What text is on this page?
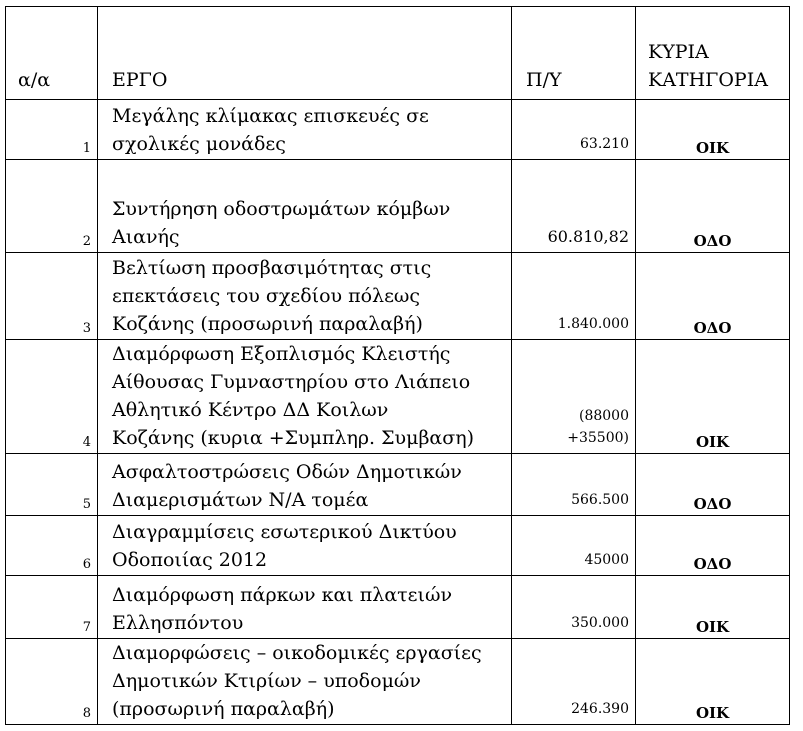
α/α	ΕΡΓΟ	Π/Υ	ΚΥΡΙΑ
ΚΑΤΗΓΟΡΙΑ
1	Μεγάλης κλίμακας επισκευές σε
σχολικές μονάδες	63.210	ΟΙΚ
2	Συντήρηση οδοστρωμάτων κόμβων
Αιανής	60.810,82	ΟΔΟ
3	Βελτίωση προσβασιμότητας στις
επεκτάσεις του σχεδίου πόλεως
Κοζάνης (προσωρινή παραλαβή)	1.840.000	ΟΔΟ
4	Διαμόρφωση Εξοπλισμός Κλειστής
Αίθουσας Γυμναστηρίου στο Λιάπειο
Αθλητικό Κέντρο ΔΔ Κοιλων
Κοζάνης (κυρια +Συμπληρ. Συμβαση)	(88000
+35500)	ΟΙΚ
5	Ασφαλτοστρώσεις Οδών Δημοτικών
Διαμερισμάτων Ν/Α τομέα	566.500	ΟΔΟ
6	Διαγραμμίσεις εσωτερικού Δικτύου
Οδοποιίας 2012	45000	ΟΔΟ
7	Διαμόρφωση πάρκων και πλατειών
Ελλησπόντου	350.000	ΟΙΚ
8	Διαμορφώσεις – οικοδομικές εργασίες
Δημοτικών Κτιρίων – υποδομών
(προσωρινή παραλαβή)	246.390	ΟΙΚ
